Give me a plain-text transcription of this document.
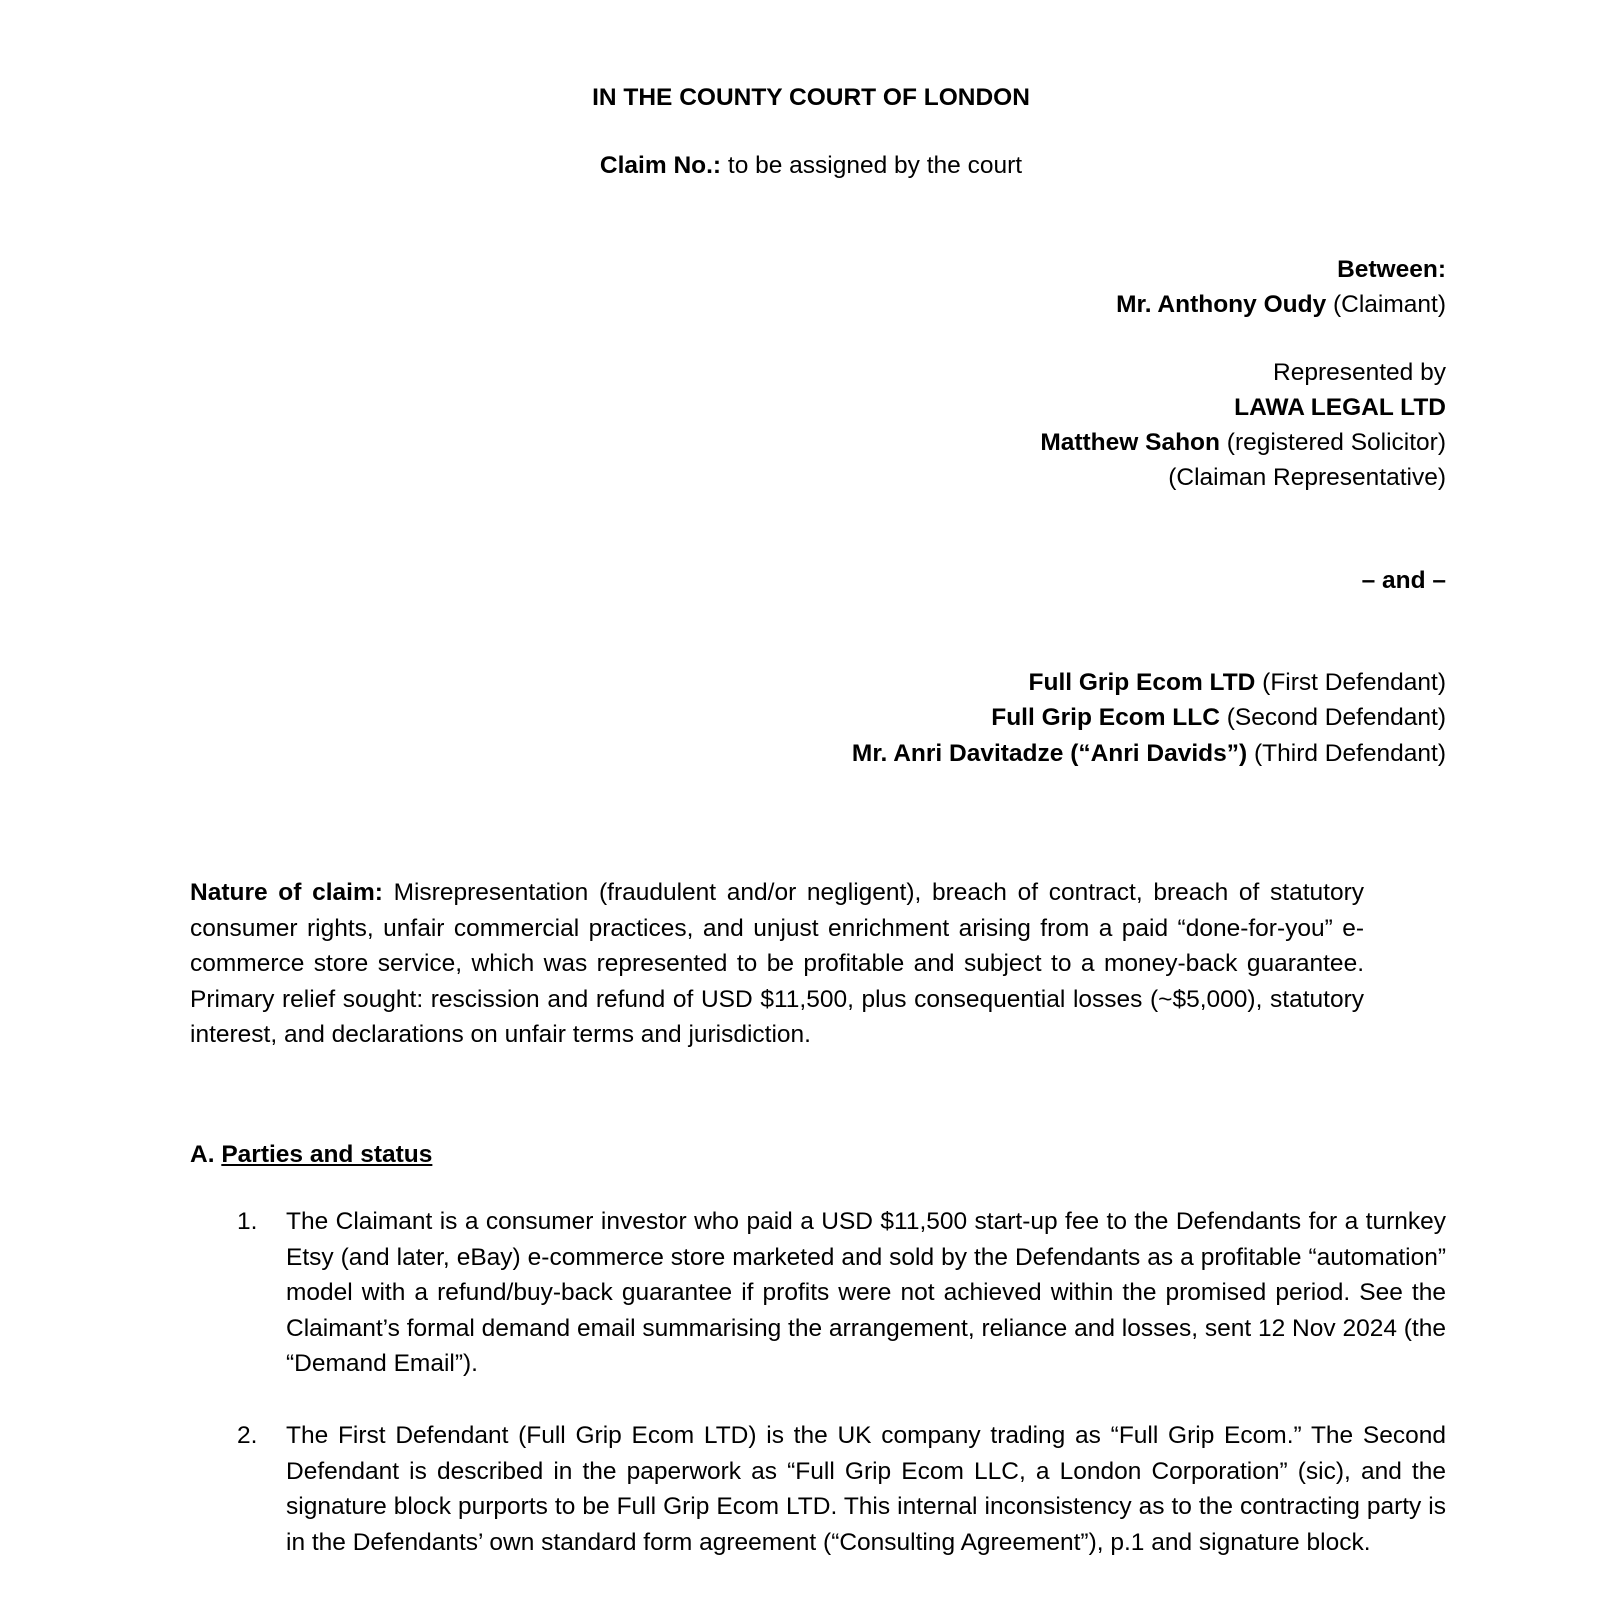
IN THE COUNTY COURT OF LONDON
Claim No.: to be assigned by the court
Between:
Mr. Anthony Oudy (Claimant)
Represented by
LAWA LEGAL LTD
Matthew Sahon (registered Solicitor)
(Claiman Representative)
– and –
Full Grip Ecom LTD (First Defendant)
Full Grip Ecom LLC (Second Defendant)
Mr. Anri Davitadze (“Anri Davids”) (Third Defendant)
Nature of claim: Misrepresentation (fraudulent and/or negligent), breach of contract, breach of statutory consumer rights, unfair commercial practices, and unjust enrichment arising from a paid “done-for-you” e-commerce store service, which was represented to be profitable and subject to a money-back guarantee. Primary relief sought: rescission and refund of USD $11,500, plus consequential losses (~$5,000), statutory interest, and declarations on unfair terms and jurisdiction.
A. Parties and status
1. The Claimant is a consumer investor who paid a USD $11,500 start-up fee to the Defendants for a turnkey Etsy (and later, eBay) e-commerce store marketed and sold by the Defendants as a profitable “automation” model with a refund/buy-back guarantee if profits were not achieved within the promised period. See the Claimant’s formal demand email summarising the arrangement, reliance and losses, sent 12 Nov 2024 (the “Demand Email”).
2. The First Defendant (Full Grip Ecom LTD) is the UK company trading as “Full Grip Ecom.” The Second Defendant is described in the paperwork as “Full Grip Ecom LLC, a London Corporation” (sic), and the signature block purports to be Full Grip Ecom LTD. This internal inconsistency as to the contracting party is in the Defendants’ own standard form agreement (“Consulting Agreement”), p.1 and signature block.
